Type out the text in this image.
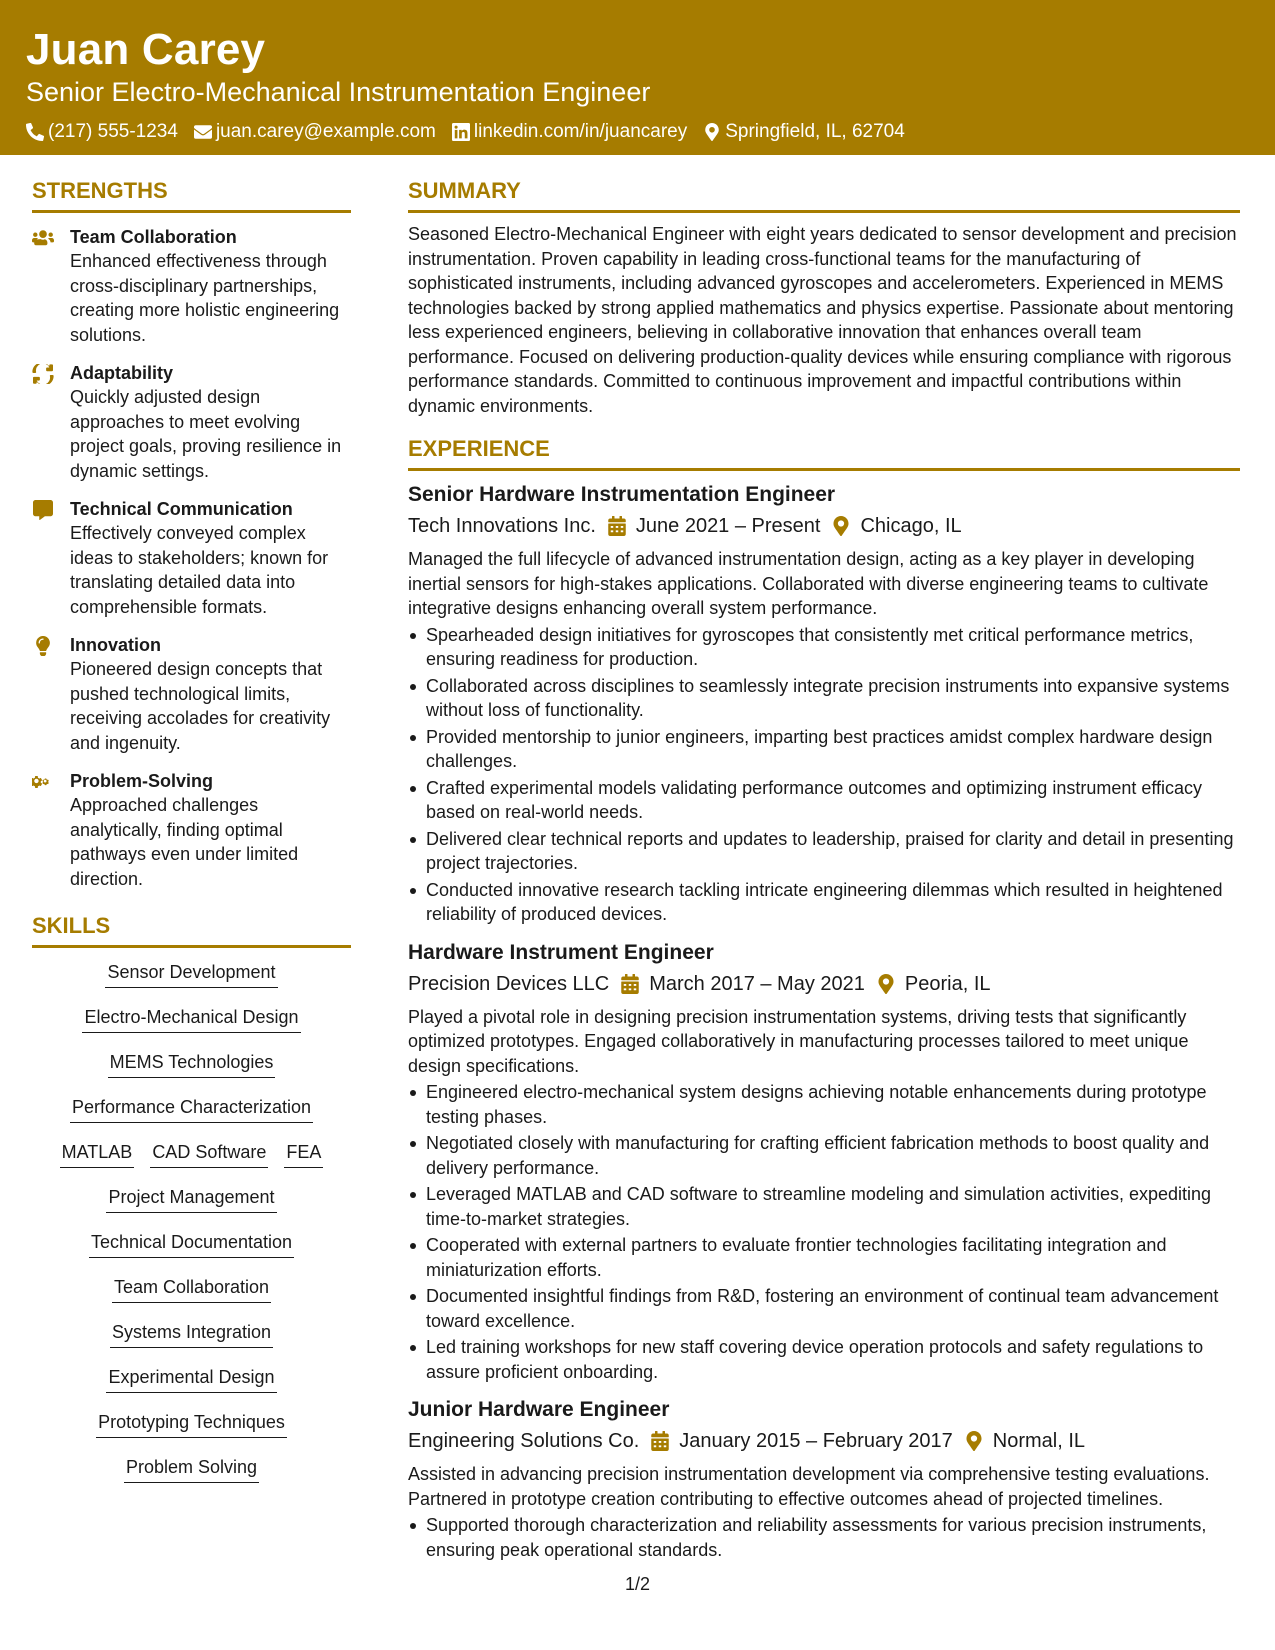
Juan Carey
Senior Electro-Mechanical Instrumentation Engineer
(217) 555-1234 juan.carey@example.com linkedin.com/in/juancarey Springfield, IL, 62704
STRENGTHS
Team Collaboration
Enhanced effectiveness through cross-disciplinary partnerships, creating more holistic engineering solutions.
Adaptability
Quickly adjusted design approaches to meet evolving project goals, proving resilience in dynamic settings.
Technical Communication
Effectively conveyed complex ideas to stakeholders; known for translating detailed data into comprehensible formats.
Innovation
Pioneered design concepts that pushed technological limits, receiving accolades for creativity and ingenuity.
Problem-Solving
Approached challenges analytically, finding optimal pathways even under limited direction.
SKILLS
Sensor Development
Electro-Mechanical Design
MEMS Technologies
Performance Characterization
MATLAB CAD Software FEA
Project Management
Technical Documentation
Team Collaboration
Systems Integration
Experimental Design
Prototyping Techniques
Problem Solving
SUMMARY
Seasoned Electro-Mechanical Engineer with eight years dedicated to sensor development and precision instrumentation. Proven capability in leading cross-functional teams for the manufacturing of sophisticated instruments, including advanced gyroscopes and accelerometers. Experienced in MEMS technologies backed by strong applied mathematics and physics expertise. Passionate about mentoring less experienced engineers, believing in collaborative innovation that enhances overall team performance. Focused on delivering production-quality devices while ensuring compliance with rigorous performance standards. Committed to continuous improvement and impactful contributions within dynamic environments.
EXPERIENCE
Senior Hardware Instrumentation Engineer
Tech Innovations Inc. June 2021 – Present Chicago, IL
Managed the full lifecycle of advanced instrumentation design, acting as a key player in developing inertial sensors for high-stakes applications. Collaborated with diverse engineering teams to cultivate integrative designs enhancing overall system performance.
Spearheaded design initiatives for gyroscopes that consistently met critical performance metrics, ensuring readiness for production.
Collaborated across disciplines to seamlessly integrate precision instruments into expansive systems without loss of functionality.
Provided mentorship to junior engineers, imparting best practices amidst complex hardware design challenges.
Crafted experimental models validating performance outcomes and optimizing instrument efficacy based on real-world needs.
Delivered clear technical reports and updates to leadership, praised for clarity and detail in presenting project trajectories.
Conducted innovative research tackling intricate engineering dilemmas which resulted in heightened reliability of produced devices.
Hardware Instrument Engineer
Precision Devices LLC March 2017 – May 2021 Peoria, IL
Played a pivotal role in designing precision instrumentation systems, driving tests that significantly optimized prototypes. Engaged collaboratively in manufacturing processes tailored to meet unique design specifications.
Engineered electro-mechanical system designs achieving notable enhancements during prototype testing phases.
Negotiated closely with manufacturing for crafting efficient fabrication methods to boost quality and delivery performance.
Leveraged MATLAB and CAD software to streamline modeling and simulation activities, expediting time-to-market strategies.
Cooperated with external partners to evaluate frontier technologies facilitating integration and miniaturization efforts.
Documented insightful findings from R&D, fostering an environment of continual team advancement toward excellence.
Led training workshops for new staff covering device operation protocols and safety regulations to assure proficient onboarding.
Junior Hardware Engineer
Engineering Solutions Co. January 2015 – February 2017 Normal, IL
Assisted in advancing precision instrumentation development via comprehensive testing evaluations. Partnered in prototype creation contributing to effective outcomes ahead of projected timelines.
Supported thorough characterization and reliability assessments for various precision instruments, ensuring peak operational standards.
1/2
